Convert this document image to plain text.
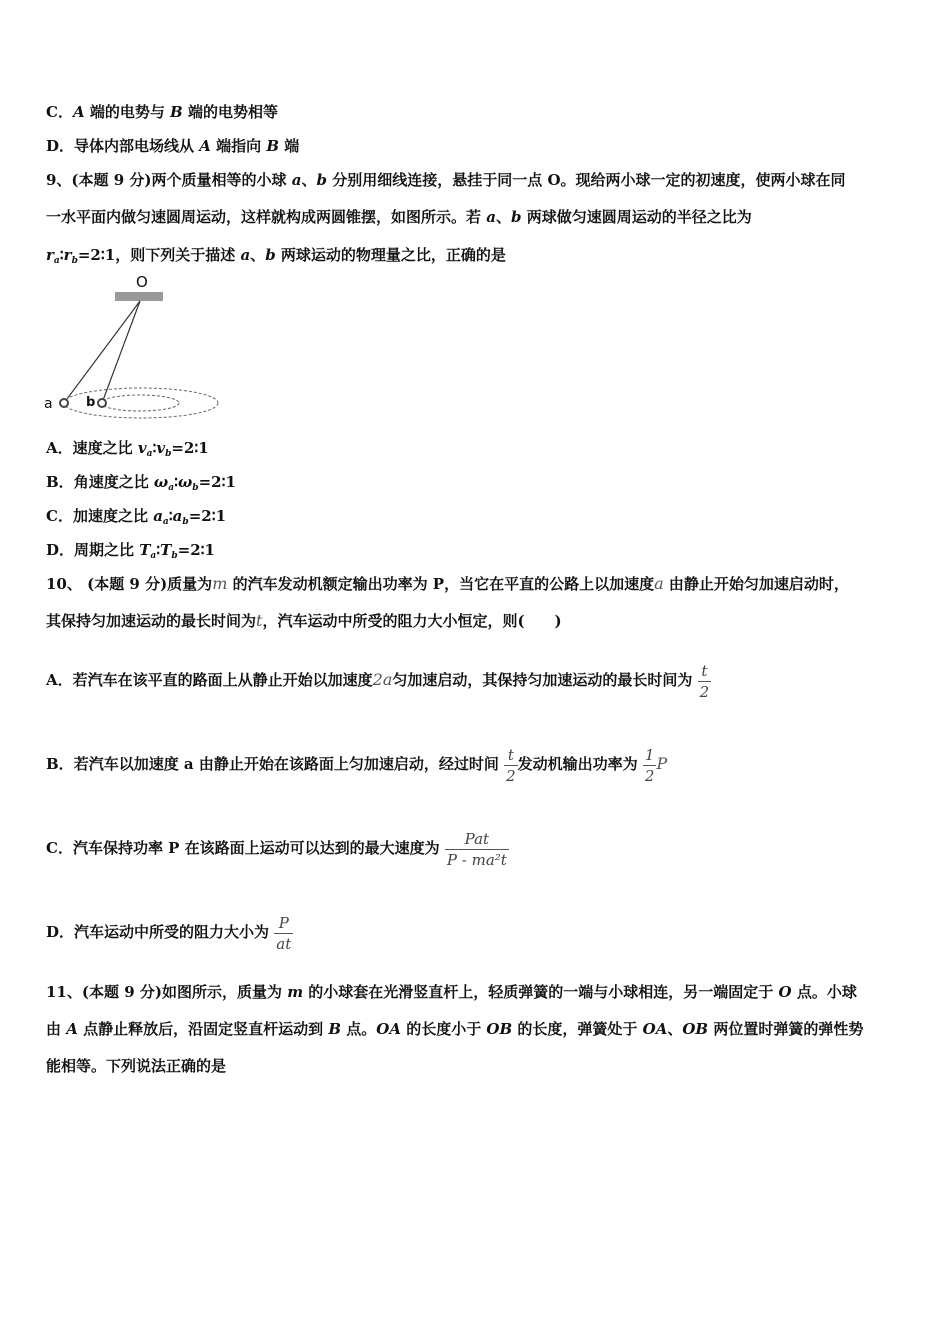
C．A 端的电势与 B 端的电势相等
D．导体内部电场线从 A 端指向 B 端
9、(本题 9 分)两个质量相等的小球 a、b 分别用细线连接，悬挂于同一点 O。现给两小球一定的初速度，使两小球在同
一水平面内做匀速圆周运动，这样就构成两圆锥摆，如图所示。若 a、b 两球做匀速圆周运动的半径之比为
$r_a∶r_b=2∶1$，则下列关于描述 a、b 两球运动的物理量之比，正确的是
O
a	b
A．速度之比 $v_a∶v_b=2∶1$
B．角速度之比 $\omega_a∶\omega_b=2∶1$
C．加速度之比 $a_a∶a_b=2∶1$
D．周期之比 $T_a∶T_b=2∶1$
10、 (本题 9 分)质量为m 的汽车发动机额定输出功率为 P，当它在平直的公路上以加速度a 由静止开始匀加速启动时，
其保持匀加速运动的最长时间为t，汽车运动中所受的阻力大小恒定，则(　　)
A．若汽车在该平直的路面上从静止开始以加速度2a匀加速启动，其保持匀加速运动的最长时间为 $\frac{t}{2}$
B．若汽车以加速度 a 由静止开始在该路面上匀加速启动，经过时间 $\frac{t}{2}$ 发动机输出功率为 $\frac{1}{2}$ P
C．汽车保持功率 P 在该路面上运动可以达到的最大速度为 $\frac{\text{Pat}}{\text{P - ma²t}}$
D．汽车运动中所受的阻力大小为 $\frac{P}{at}$
11、(本题 9 分)如图所示，质量为 m 的小球套在光滑竖直杆上，轻质弹簧的一端与小球相连，另一端固定于 O 点。小球
由 A 点静止释放后，沿固定竖直杆运动到 B 点。OA 的长度小于 OB 的长度，弹簧处于 OA、OB 两位置时弹簧的弹性势
能相等。下列说法正确的是
